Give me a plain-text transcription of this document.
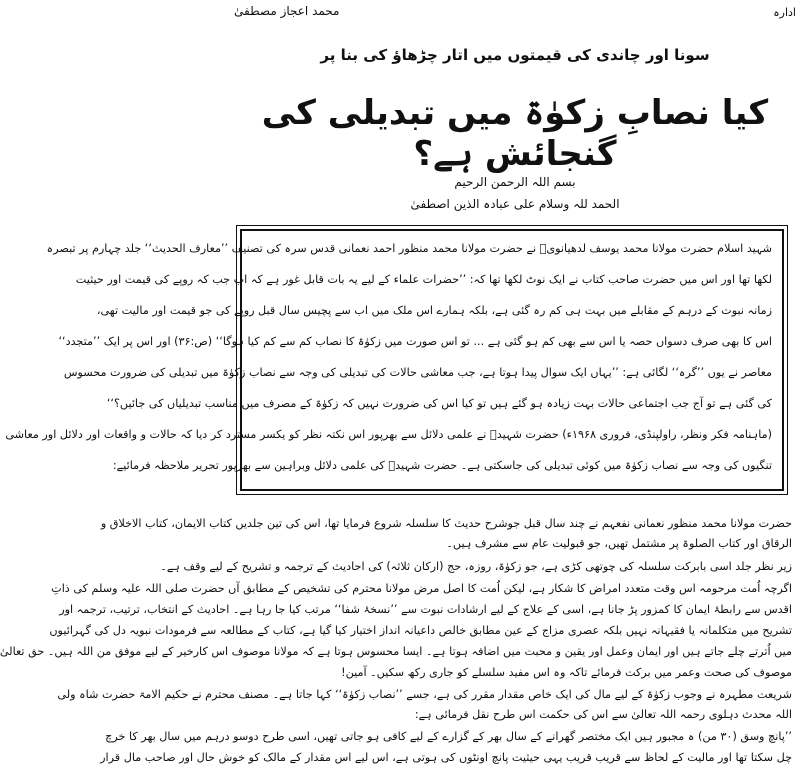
ادارہ
محمد اعجاز مصطفیٰ
سونا اور چاندی کی قیمتوں میں اتار چڑھاؤ کی بنا پر
کیا نصابِ زکوٰۃ میں تبدیلی کی گنجائش ہے؟
بسم اللہ الرحمن الرحیم
الحمد للہ وسلام علی عبادہ الذین اصطفیٰ
شہید اسلام حضرت مولانا محمد یوسف لدھیانویؒ نے حضرت مولانا محمد منظور احمد نعمانی قدس سرہ کی تصنیف ’’معارف الحدیث‘‘ جلد چہارم پر تبصرہ
لکھا تھا اور اس میں حضرت صاحب کتاب نے ایک نوٹ لکھا تھا کہ: ’’حضرات علماء کے لیے یہ بات قابل غور ہے کہ اب جب کہ روپے کی قیمت اور حیثیت
زمانہ نبوت کے درہم کے مقابلے میں بہت ہی کم رہ گئی ہے، بلکہ ہمارے اس ملک میں اب سے پچیس سال قبل روپے کی جو قیمت اور مالیت تھی،
اس کا بھی صرف دسواں حصہ یا اس سے بھی کم ہو گئی ہے ... تو اس صورت میں زکوٰۃ کا نصاب کم سے کم کیا ہوگا‘‘ (ص:۳۶) اور اس پر ایک ’’متجدد‘‘
معاصر نے یوں ’’گرہ‘‘ لگائی ہے: ’’یہاں ایک سوال پیدا ہوتا ہے، جب معاشی حالات کی تبدیلی کی وجہ سے نصاب زکوٰۃ میں تبدیلی کی ضرورت محسوس
کی گئی ہے تو آج جب اجتماعی حالات بہت زیادہ ہو گئے ہیں تو کیا اس کی ضرورت نہیں کہ زکوٰۃ کے مصرف میں مناسب تبدیلیاں کی جائیں؟‘‘
(ماہنامہ فکر ونظر، راولپنڈی، فروری ۱۹۶۸ء) حضرت شہیدؒ نے علمی دلائل سے بھرپور اس نکتہ نظر کو یکسر مسترد کر دیا کہ حالات و واقعات اور دلائل اور معاشی
تنگیوں کی وجہ سے نصاب زکوٰۃ میں کوئی تبدیلی کی جاسکتی ہے۔ حضرت شہیدؒ کی علمی دلائل وبراہین سے بھرپور تحریر ملاحظہ فرمائیے:
حضرت مولانا محمد منظور نعمانی نفعہم نے چند سال قبل جوشرح حدیث کا سلسلہ شروع فرمایا تھا، اس کی تین جلدیں کتاب الایمان، کتاب الاخلاق و
الرقاق اور کتاب الصلوۃ پر مشتمل تھیں، جو قبولیت عام سے مشرف ہیں۔
زیر نظر جلد اسی بابرکت سلسلہ کی چوتھی کڑی ہے، جو زکوٰۃ، روزہ، حج (ارکان ثلاثہ) کی احادیث کے ترجمہ و تشریح کے لیے وقف ہے۔
اگرچہ اُمت مرحومہ اس وقت متعدد امراض کا شکار ہے، لیکن اُمت کا اصل مرض مولانا محترم کی تشخیص کے مطابق آں حضرت صلی اللہ علیہ وسلم کی ذاتِ
اقدس سے رابطۂ ایمان کا کمزور پڑ جانا ہے، اسی کے علاج کے لیے ارشادات نبوت سے ’’نسخۂ شفا‘‘ مرتب کیا جا رہا ہے۔ احادیث کے انتخاب، ترتیب، ترجمہ اور
تشریح میں متکلمانہ یا فقیہانہ نہیں بلکہ عصری مزاج کے عین مطابق خالص داعیانہ انداز اختیار کیا گیا ہے، کتاب کے مطالعہ سے فرمودات نبویہ دل کی گہرائیوں
میں اُترتے چلے جاتے ہیں اور ایمان وعمل اور یقین و محبت میں اضافہ ہوتا ہے۔ ایسا محسوس ہوتا ہے کہ مولانا موصوف اس کارخیر کے لیے موفق من اللہ ہیں۔ حق تعالیٰ
موصوف کی صحت وعمر میں برکت فرمائے تاکہ وہ اس مفید سلسلے کو جاری رکھ سکیں۔ آمین!
شریعت مطہرہ نے وجوب زکوٰۃ کے لیے مال کی ایک خاص مقدار مقرر کی ہے، جسے ’’نصاب زکوٰۃ‘‘ کہا جاتا ہے۔ مصنف محترم نے حکیم الامۃ حضرت شاہ ولی
اللہ محدث دہلوی رحمہ اللہ تعالیٰ سے اس کی حکمت اس طرح نقل فرمائی ہے:
’’پانچ وسق (۳۰ من) ہ مجبور ہیں ایک مختصر گھرانے کے سال بھر کے گزارے کے لیے کافی ہو جاتی تھیں، اسی طرح دوسو درہم میں سال بھر کا خرچ
چل سکتا تھا اور مالیت کے لحاظ سے قریب قریب یہی حیثیت پانچ اونٹوں کی ہوتی ہے، اس لیے اس مقدار کے مالک کو خوش حال اور صاحب مال قرار
